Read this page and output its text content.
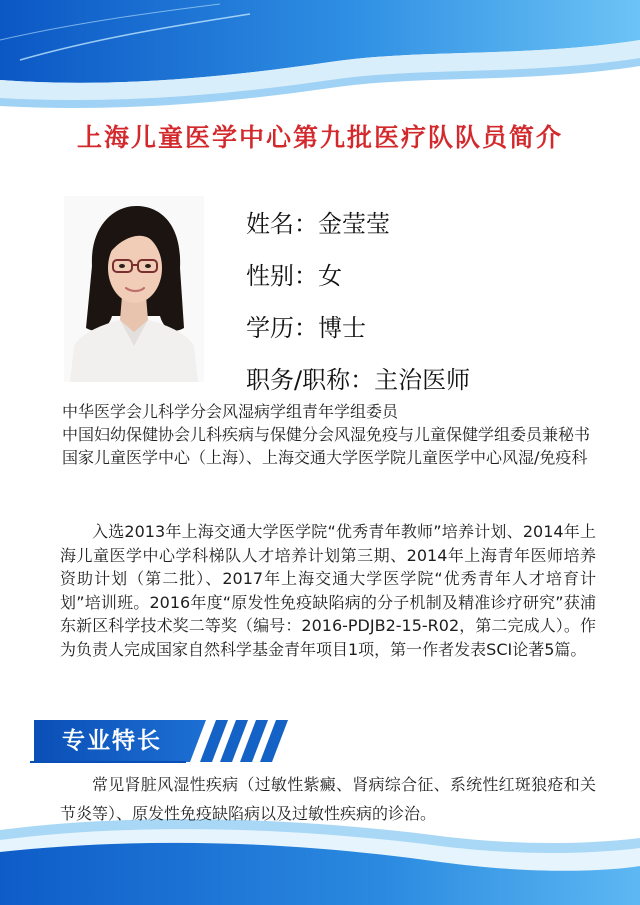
上海儿童医学中心第九批医疗队队员简介
姓名：金莹莹
性别：女
学历：博士
职务/职称：主治医师
中华医学会儿科学分会风湿病学组青年学组委员
中国妇幼保健协会儿科疾病与保健分会风湿免疫与儿童保健学组委员兼秘书
国家儿童医学中心（上海）、上海交通大学医学院儿童医学中心风湿/免疫科
入选2013年上海交通大学医学院“优秀青年教师”培养计划、2014年上海儿童医学中心学科梯队人才培养计划第三期、2014年上海青年医师培养资助计划（第二批）、2017年上海交通大学医学院“优秀青年人才培育计划”培训班。2016年度“原发性免疫缺陷病的分子机制及精准诊疗研究”获浦东新区科学技术奖二等奖（编号：2016-PDJB2-15-R02，第二完成人）。作为负责人完成国家自然科学基金青年项目1项，第一作者发表SCI论著5篇。
专业特长
常见肾脏风湿性疾病（过敏性紫癜、肾病综合征、系统性红斑狼疮和关节炎等）、原发性免疫缺陷病以及过敏性疾病的诊治。
